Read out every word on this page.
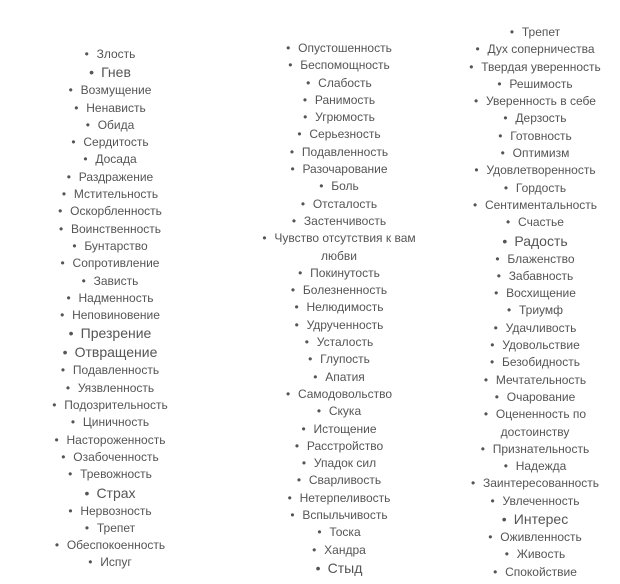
•Злость
•Гнев
•Возмущение
•Ненависть
•Обида
•Сердитость
•Досада
•Раздражение
•Мстительность
•Оскорбленность
•Воинственность
•Бунтарство
•Сопротивление
•Зависть
•Надменность
•Неповиновение
•Презрение
•Отвращение
•Подавленность
•Уязвленность
•Подозрительность
•Циничность
•Настороженность
•Озабоченность
•Тревожность
•Страх
•Нервозность
•Трепет
•Обеспокоенность
•Испуг
•Опустошенность
•Беспомощность
•Слабость
•Ранимость
•Угрюмость
•Серьезность
•Подавленность
•Разочарование
•Боль
•Отсталость
•Застенчивость
•Чувство отсутствия к вам любви
•Покинутость
•Болезненность
•Нелюдимость
•Удрученность
•Усталость
•Глупость
•Апатия
•Самодовольство
•Скука
•Истощение
•Расстройство
•Упадок сил
•Сварливость
•Нетерпеливость
•Вспыльчивость
•Тоска
•Хандра
•Стыд
•Трепет
•Дух соперничества
•Твердая уверенность
•Решимость
•Уверенность в себе
•Дерзость
•Готовность
•Оптимизм
•Удовлетворенность
•Гордость
•Сентиментальность
•Счастье
•Радость
•Блаженство
•Забавность
•Восхищение
•Триумф
•Удачливость
•Удовольствие
•Безобидность
•Мечтательность
•Очарование
•Оцененность по достоинству
•Признательность
•Надежда
•Заинтересованность
•Увлеченность
•Интерес
•Оживленность
•Живость
•Спокойствие
